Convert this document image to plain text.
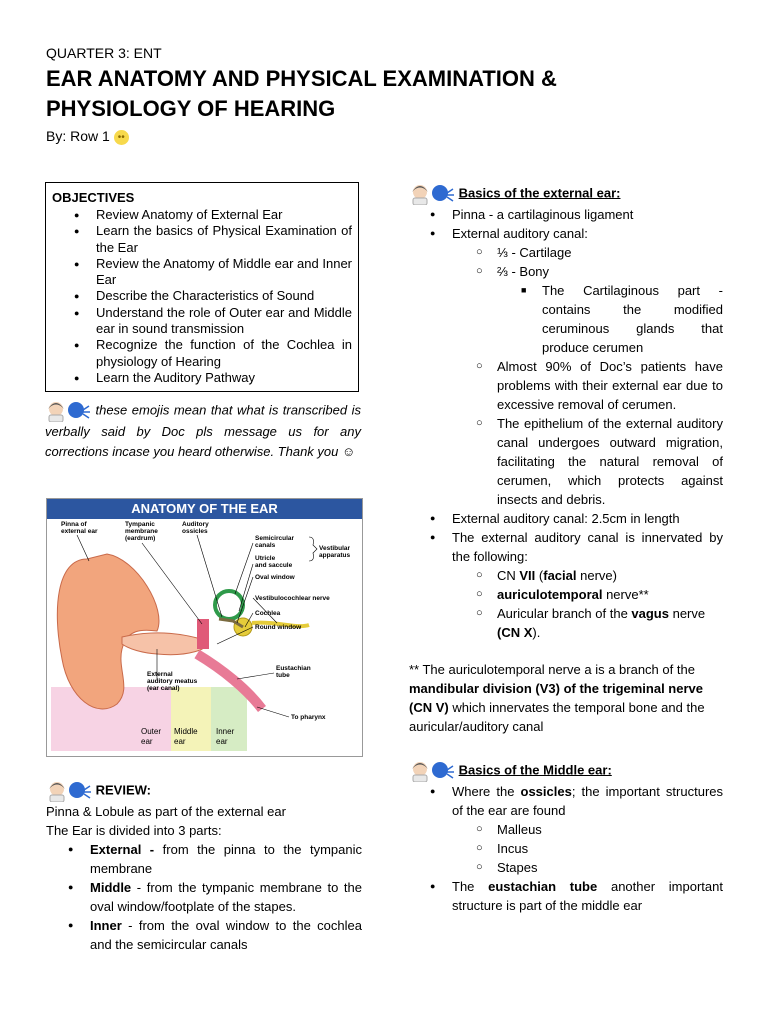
QUARTER 3: ENT
EAR ANATOMY AND PHYSICAL EXAMINATION &
PHYSIOLOGY OF HEARING
By: Row 1 ••
OBJECTIVES
● Review Anatomy of External Ear
● Learn the basics of Physical Examination of the Ear
● Review the Anatomy of Middle ear and Inner Ear
● Describe the Characteristics of Sound
● Understand the role of Outer ear and Middle ear in sound transmission
● Recognize the function of the Cochlea in physiology of Hearing
● Learn the Auditory Pathway
these emojis mean that what is transcribed is verbally said by Doc pls message us for any corrections incase you heard otherwise. Thank you ☺
ANATOMY OF THE EAR
Pinna of external ear
Tympanic membrane (eardrum)
Auditory ossicles
Semicircular canals	Vestibular apparatus
Utricle and saccule
Oval window
Vestibulocochlear nerve
Cochlea
Round window
Eustachian tube
External auditory meatus (ear canal)
To pharynx
Outer ear
Middle ear
Inner ear
REVIEW:
Pinna & Lobule as part of the external ear
The Ear is divided into 3 parts:
● External - from the pinna to the tympanic membrane
● Middle - from the tympanic membrane to the oval window/footplate of the stapes.
● Inner - from the oval window to the cochlea and the semicircular canals
Basics of the external ear:
● Pinna - a cartilaginous ligament
● External auditory canal:
○ ⅓ - Cartilage
○ ⅔ - Bony
■ The Cartilaginous part - contains the modified ceruminous glands that produce cerumen
○ Almost 90% of Doc’s patients have problems with their external ear due to excessive removal of cerumen.
○ The epithelium of the external auditory canal undergoes outward migration, facilitating the natural removal of cerumen, which protects against insects and debris.
● External auditory canal: 2.5cm in length
● The external auditory canal is innervated by the following:
○ CN VII (facial nerve)
○ auriculotemporal nerve**
○ Auricular branch of the vagus nerve
(CN X).
** The auriculotemporal nerve a is a branch of the
mandibular division (V3) of the trigeminal nerve (CN V) which innervates the temporal bone and the auricular/auditory canal
Basics of the Middle ear:
● Where the ossicles; the important structures of the ear are found
○ Malleus
○ Incus
○ Stapes
● The eustachian tube another important structure is part of the middle ear
